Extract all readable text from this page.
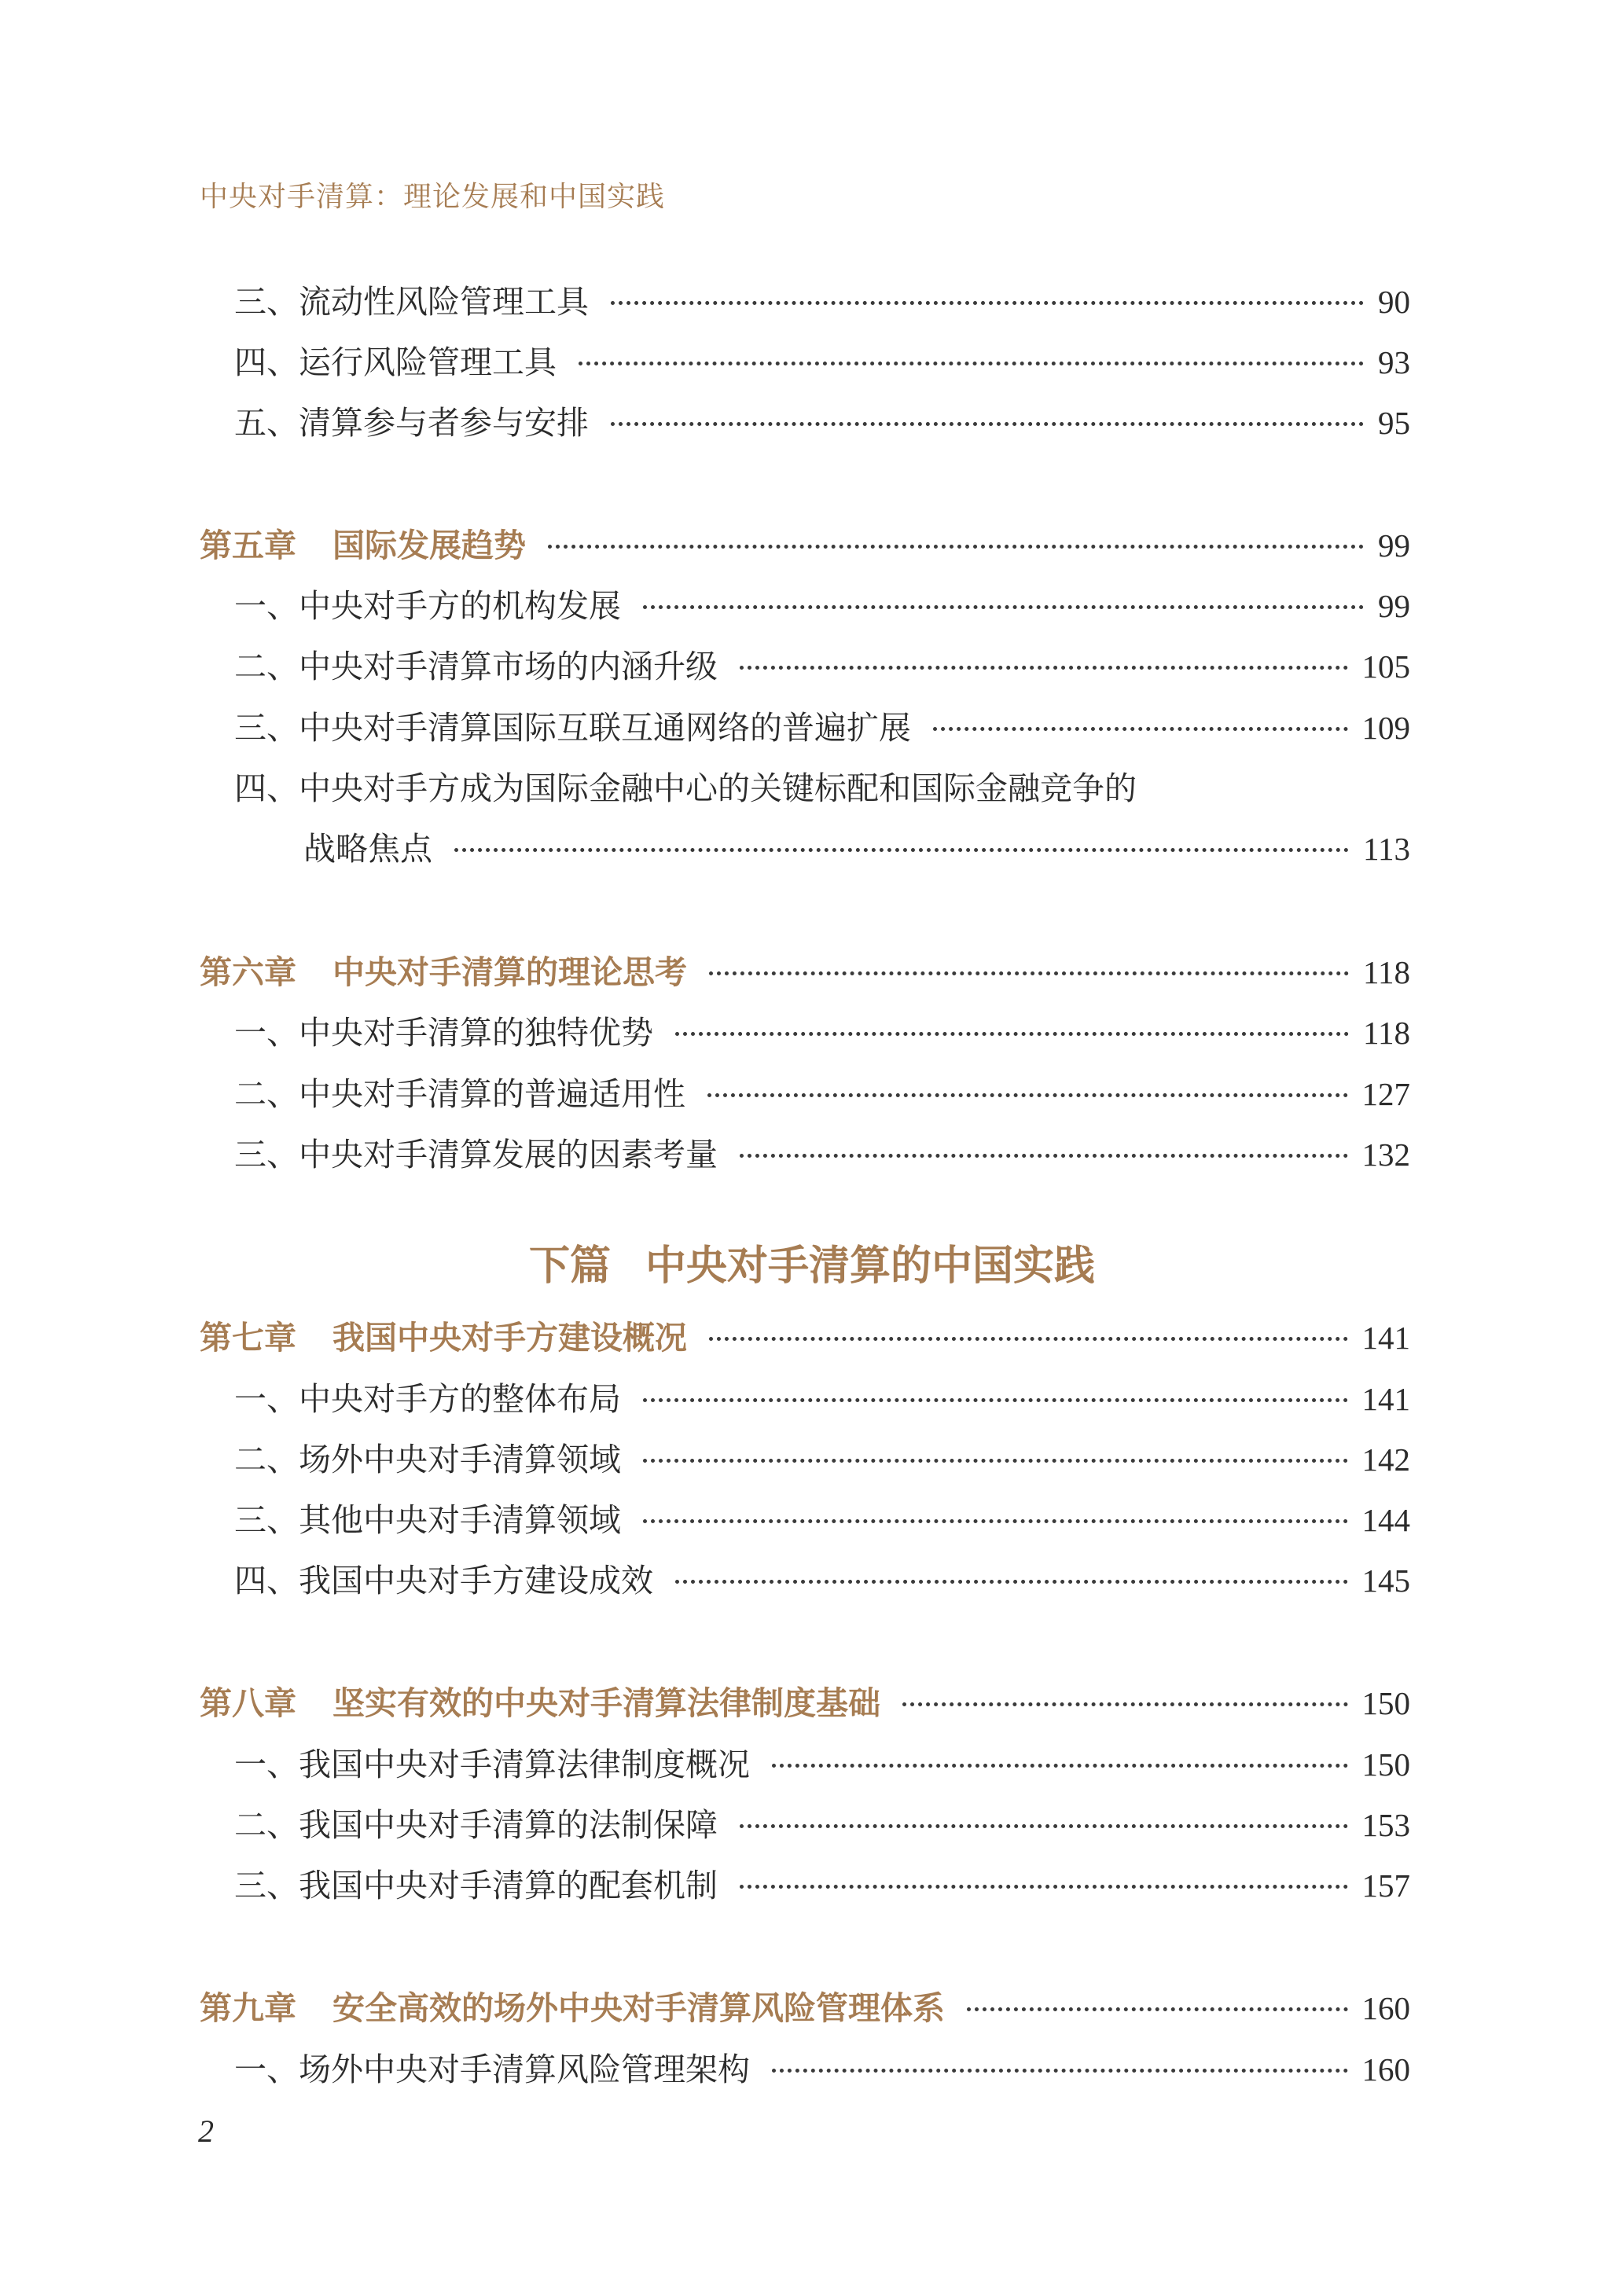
中央对手清算：理论发展和中国实践
三、流动性风险管理工具	90
四、运行风险管理工具	93
五、清算参与者参与安排	95
第五章 国际发展趋势	99
一、中央对手方的机构发展	99
二、中央对手清算市场的内涵升级	105
三、中央对手清算国际互联互通网络的普遍扩展	109
四、中央对手方成为国际金融中心的关键标配和国际金融竞争的
战略焦点	113
第六章 中央对手清算的理论思考	118
一、中央对手清算的独特优势	118
二、中央对手清算的普遍适用性	127
三、中央对手清算发展的因素考量	132
下篇 中央对手清算的中国实践
第七章 我国中央对手方建设概况	141
一、中央对手方的整体布局	141
二、场外中央对手清算领域	142
三、其他中央对手清算领域	144
四、我国中央对手方建设成效	145
第八章 坚实有效的中央对手清算法律制度基础	150
一、我国中央对手清算法律制度概况	150
二、我国中央对手清算的法制保障	153
三、我国中央对手清算的配套机制	157
第九章 安全高效的场外中央对手清算风险管理体系	160
一、场外中央对手清算风险管理架构	160
2
